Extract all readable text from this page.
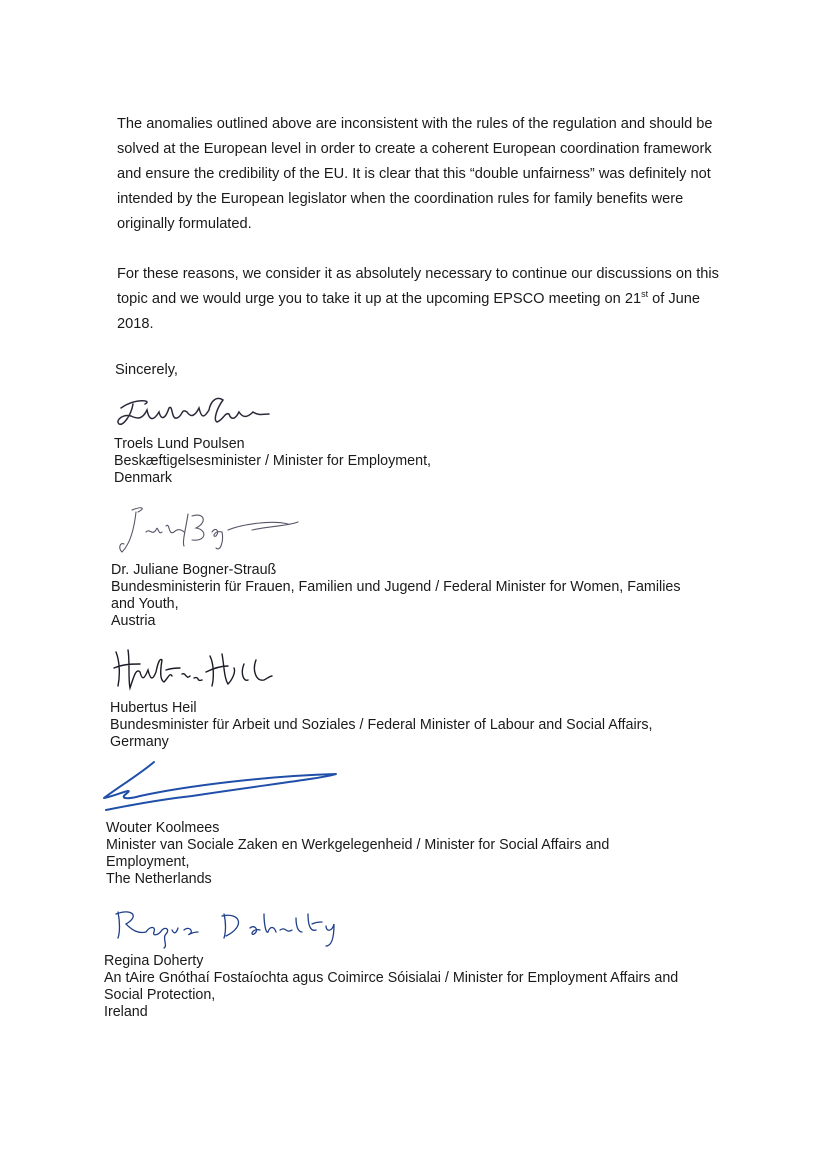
The anomalies outlined above are inconsistent with the rules of the regulation and should be solved at the European level in order to create a coherent European coordination framework and ensure the credibility of the EU. It is clear that this “double unfairness” was definitely not intended by the European legislator when the coordination rules for family benefits were originally formulated.

For these reasons, we consider it as absolutely necessary to continue our discussions on this topic and we would urge you to take it up at the upcoming EPSCO meeting on 21st of June 2018.

Sincerely,
Troels Lund Poulsen
Beskæftigelsesminister / Minister for Employment,
Denmark
Dr. Juliane Bogner-Strauß
Bundesministerin für Frauen, Familien und Jugend / Federal Minister for Women, Families
and Youth,
Austria
Hubertus Heil
Bundesminister für Arbeit und Soziales / Federal Minister of Labour and Social Affairs,
Germany
Wouter Koolmees
Minister van Sociale Zaken en Werkgelegenheid / Minister for Social Affairs and
Employment,
The Netherlands
Regina Doherty
An tAire Gnóthaí Fostaíochta agus Coimirce Sóisialai / Minister for Employment Affairs and
Social Protection,
Ireland
